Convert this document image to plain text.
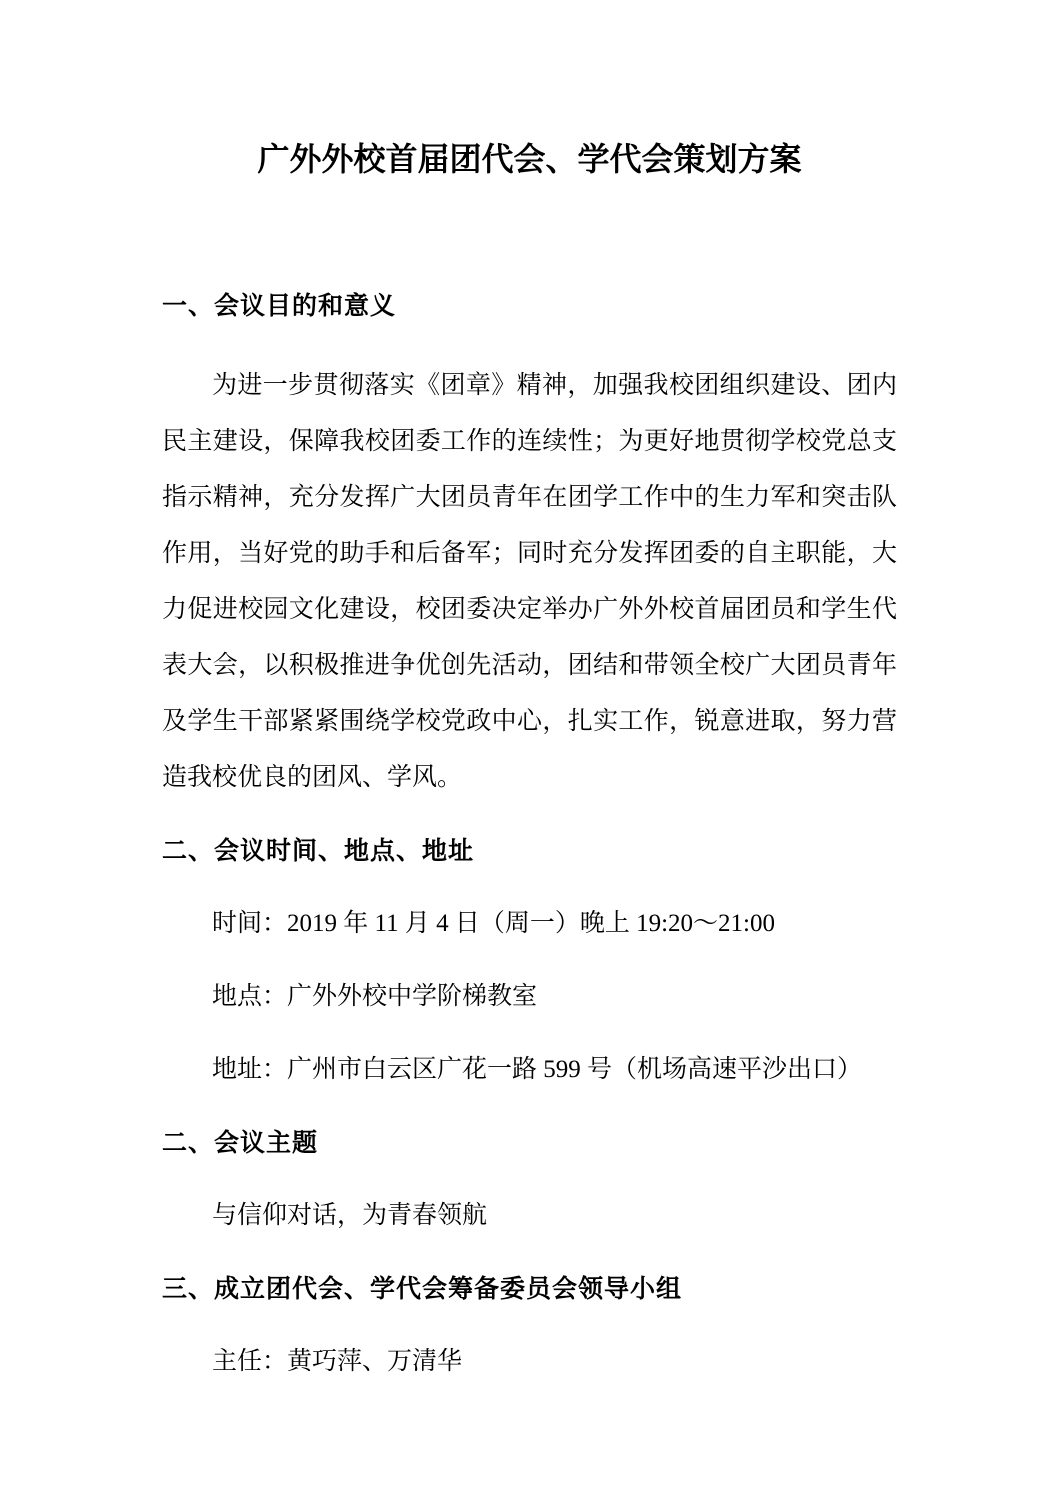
广外外校首届团代会、学代会策划方案
一、会议目的和意义

为进一步贯彻落实《团章》精神，加强我校团组织建设、团内民主建设，保障我校团委工作的连续性；为更好地贯彻学校党总支指示精神，充分发挥广大团员青年在团学工作中的生力军和突击队作用，当好党的助手和后备军；同时充分发挥团委的自主职能，大力促进校园文化建设，校团委决定举办广外外校首届团员和学生代表大会，以积极推进争优创先活动，团结和带领全校广大团员青年及学生干部紧紧围绕学校党政中心，扎实工作，锐意进取，努力营造我校优良的团风、学风。

二、会议时间、地点、地址

时间：2019 年 11 月 4 日（周一）晚上 19:20～21:00

地点：广外外校中学阶梯教室

地址：广州市白云区广花一路 599 号（机场高速平沙出口）

二、会议主题

与信仰对话，为青春领航

三、成立团代会、学代会筹备委员会领导小组

主任：黄巧萍、万清华
